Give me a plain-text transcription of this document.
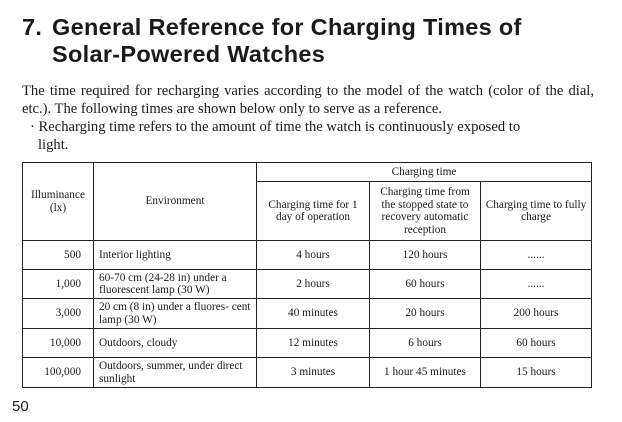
7. General Reference for Charging Times of
Solar-Powered Watches
The time required for recharging varies according to the model of the watch (color of the dial, etc.). The following times are shown below only to serve as a reference.
· Recharging time refers to the amount of time the watch is continuously exposed to
light.
Illuminance (lx)	Environment	Charging time		
		Charging time for 1 day of operation	Charging time from the stopped state to recovery automatic reception	Charging time to fully charge
500	Interior lighting	4 hours	120 hours	......
1,000	60-70 cm (24-28 in) under a fluorescent lamp (30 W)	2 hours	60 hours	......
3,000	20 cm (8 in) under a fluores- cent lamp (30 W)	40 minutes	20 hours	200 hours
10,000	Outdoors, cloudy	12 minutes	6 hours	60 hours
100,000	Outdoors, summer, under direct sunlight	3 minutes	1 hour 45 minutes	15 hours
50
